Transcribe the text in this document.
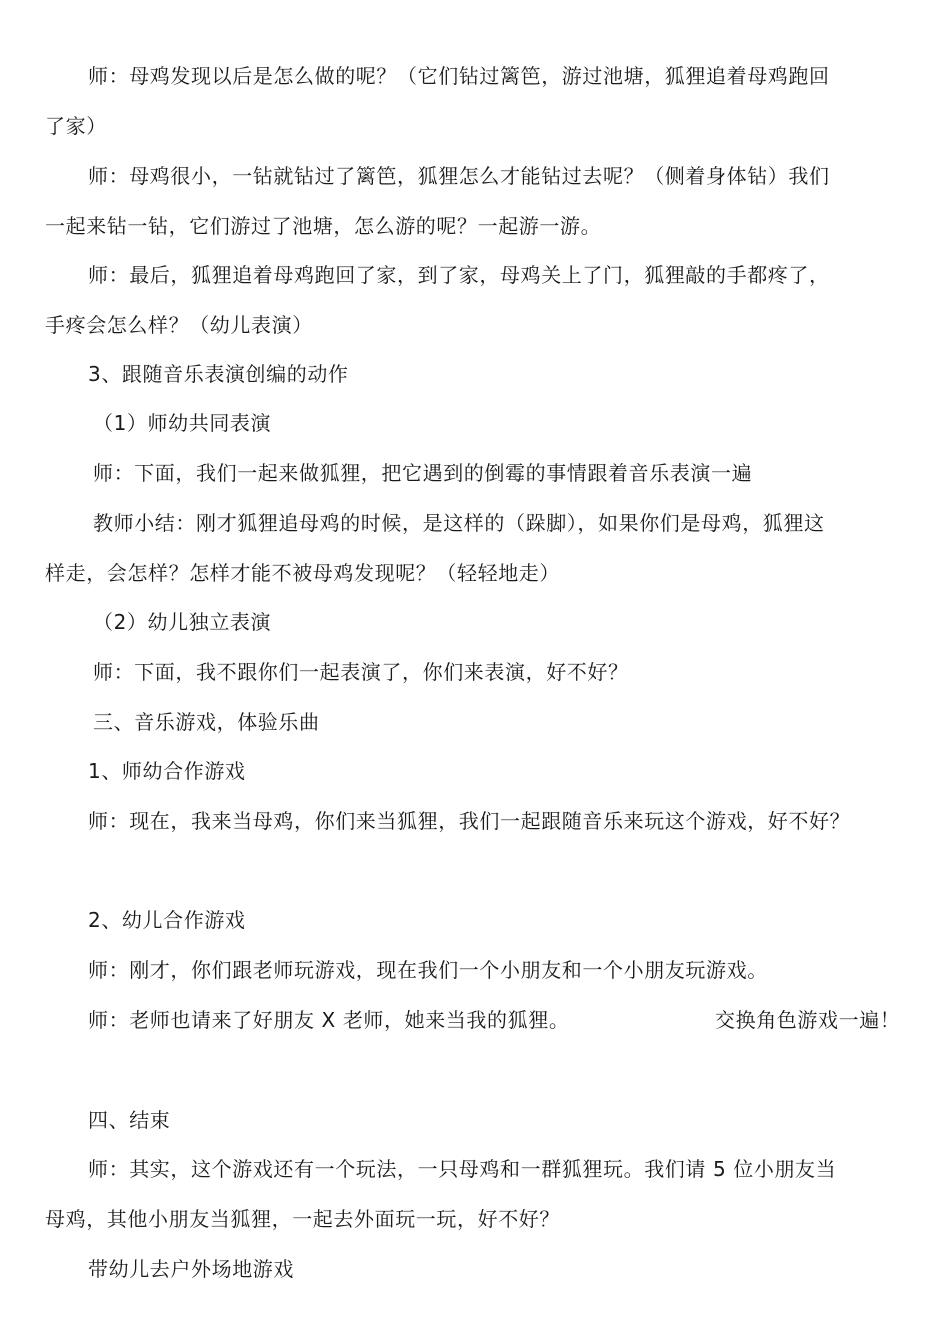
师：母鸡发现以后是怎么做的呢？（它们钻过篱笆，游过池塘，狐狸追着母鸡跑回
了家）
师：母鸡很小，一钻就钻过了篱笆，狐狸怎么才能钻过去呢？（侧着身体钻）我们
一起来钻一钻，它们游过了池塘，怎么游的呢？一起游一游。
师：最后，狐狸追着母鸡跑回了家，到了家，母鸡关上了门，狐狸敲的手都疼了，
手疼会怎么样？（幼儿表演）
3、跟随音乐表演创编的动作
（1）师幼共同表演
师：下面，我们一起来做狐狸，把它遇到的倒霉的事情跟着音乐表演一遍
教师小结：刚才狐狸追母鸡的时候，是这样的（跺脚），如果你们是母鸡，狐狸这
样走，会怎样？怎样才能不被母鸡发现呢？（轻轻地走）
（2）幼儿独立表演
师：下面，我不跟你们一起表演了，你们来表演，好不好？
三、音乐游戏，体验乐曲
1、师幼合作游戏
师：现在，我来当母鸡，你们来当狐狸，我们一起跟随音乐来玩这个游戏，好不好？
2、幼儿合作游戏
师：刚才，你们跟老师玩游戏，现在我们一个小朋友和一个小朋友玩游戏。
师：老师也请来了好朋友 X 老师，她来当我的狐狸。	交换角色游戏一遍！
四、结束
师：其实，这个游戏还有一个玩法，一只母鸡和一群狐狸玩。我们请 5 位小朋友当
母鸡，其他小朋友当狐狸，一起去外面玩一玩，好不好？
带幼儿去户外场地游戏
